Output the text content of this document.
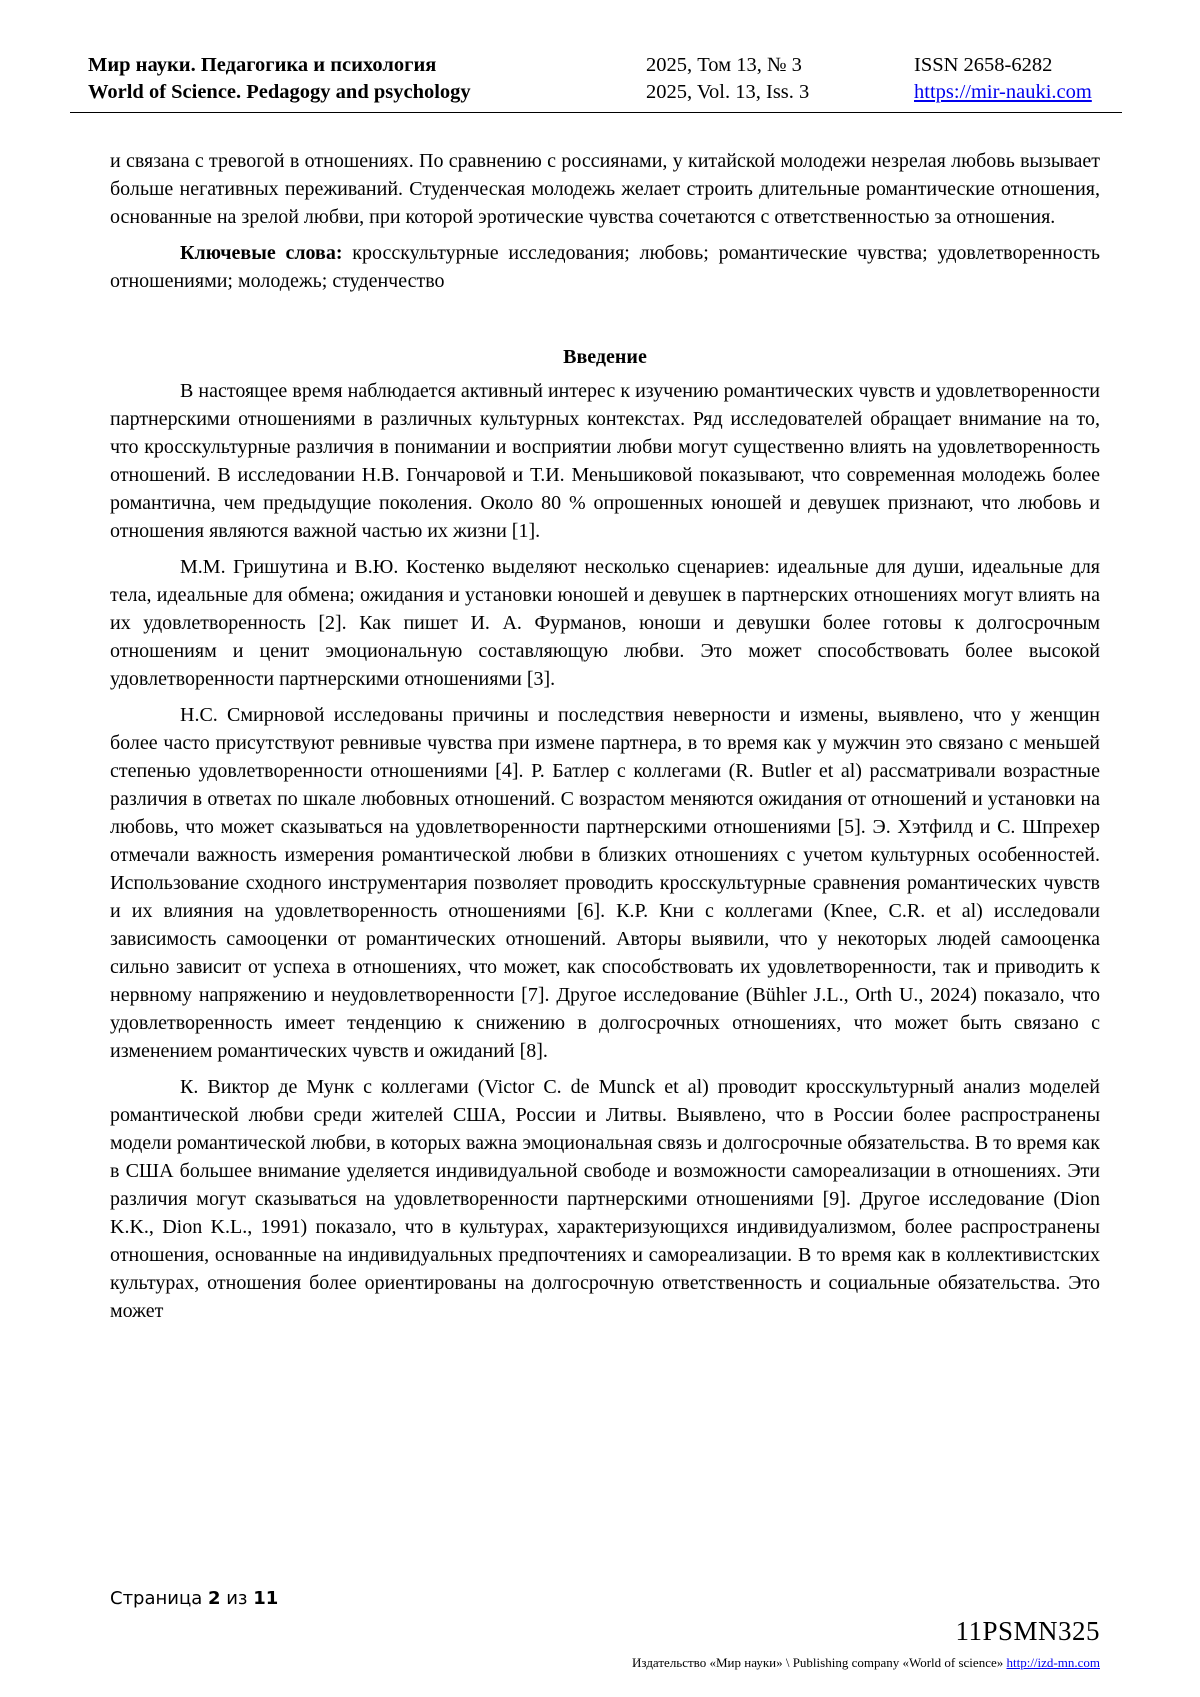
Мир науки. Педагогика и психология
World of Science. Pedagogy and psychology
2025, Том 13, № 3
2025, Vol. 13, Iss. 3
ISSN 2658-6282
https://mir-nauki.com

и связана с тревогой в отношениях. По сравнению с россиянами, у китайской молодежи незрелая любовь вызывает больше негативных переживаний. Студенческая молодежь желает строить длительные романтические отношения, основанные на зрелой любви, при которой эротические чувства сочетаются с ответственностью за отношения.

Ключевые слова: кросскультурные исследования; любовь; романтические чувства; удовлетворенность отношениями; молодежь; студенчество

Введение

В настоящее время наблюдается активный интерес к изучению романтических чувств и удовлетворенности партнерскими отношениями в различных культурных контекстах. Ряд исследователей обращает внимание на то, что кросскультурные различия в понимании и восприятии любви могут существенно влиять на удовлетворенность отношений. В исследовании Н.В. Гончаровой и Т.И. Меньшиковой показывают, что современная молодежь более романтична, чем предыдущие поколения. Около 80 % опрошенных юношей и девушек признают, что любовь и отношения являются важной частью их жизни [1].

М.М. Гришутина и В.Ю. Костенко выделяют несколько сценариев: идеальные для души, идеальные для тела, идеальные для обмена; ожидания и установки юношей и девушек в партнерских отношениях могут влиять на их удовлетворенность [2]. Как пишет И. А. Фурманов, юноши и девушки более готовы к долгосрочным отношениям и ценит эмоциональную составляющую любви. Это может способствовать более высокой удовлетворенности партнерскими отношениями [3].

Н.С. Смирновой исследованы причины и последствия неверности и измены, выявлено, что у женщин более часто присутствуют ревнивые чувства при измене партнера, в то время как у мужчин это связано с меньшей степенью удовлетворенности отношениями [4]. Р. Батлер с коллегами (R. Butler et al) рассматривали возрастные различия в ответах по шкале любовных отношений. С возрастом меняются ожидания от отношений и установки на любовь, что может сказываться на удовлетворенности партнерскими отношениями [5]. Э. Хэтфилд и С. Шпрехер отмечали важность измерения романтической любви в близких отношениях с учетом культурных особенностей. Использование сходного инструментария позволяет проводить кросскультурные сравнения романтических чувств и их влияния на удовлетворенность отношениями [6]. К.Р. Кни с коллегами (Knee, C.R. et al) исследовали зависимость самооценки от романтических отношений. Авторы выявили, что у некоторых людей самооценка сильно зависит от успеха в отношениях, что может, как способствовать их удовлетворенности, так и приводить к нервному напряжению и неудовлетворенности [7]. Другое исследование (Bühler J.L., Orth U., 2024) показало, что удовлетворенность имеет тенденцию к снижению в долгосрочных отношениях, что может быть связано с изменением романтических чувств и ожиданий [8].

К. Виктор де Мунк с коллегами (Victor C. de Munck et al) проводит кросскультурный анализ моделей романтической любви среди жителей США, России и Литвы. Выявлено, что в России более распространены модели романтической любви, в которых важна эмоциональная связь и долгосрочные обязательства. В то время как в США большее внимание уделяется индивидуальной свободе и возможности самореализации в отношениях. Эти различия могут сказываться на удовлетворенности партнерскими отношениями [9]. Другое исследование (Dion K.K., Dion K.L., 1991) показало, что в культурах, характеризующихся индивидуализмом, более распространены отношения, основанные на индивидуальных предпочтениях и самореализации. В то время как в коллективистских культурах, отношения более ориентированы на долгосрочную ответственность и социальные обязательства. Это может

Страница 2 из 11
11PSMN325
Издательство «Мир науки» \ Publishing company «World of science» http://izd-mn.com
